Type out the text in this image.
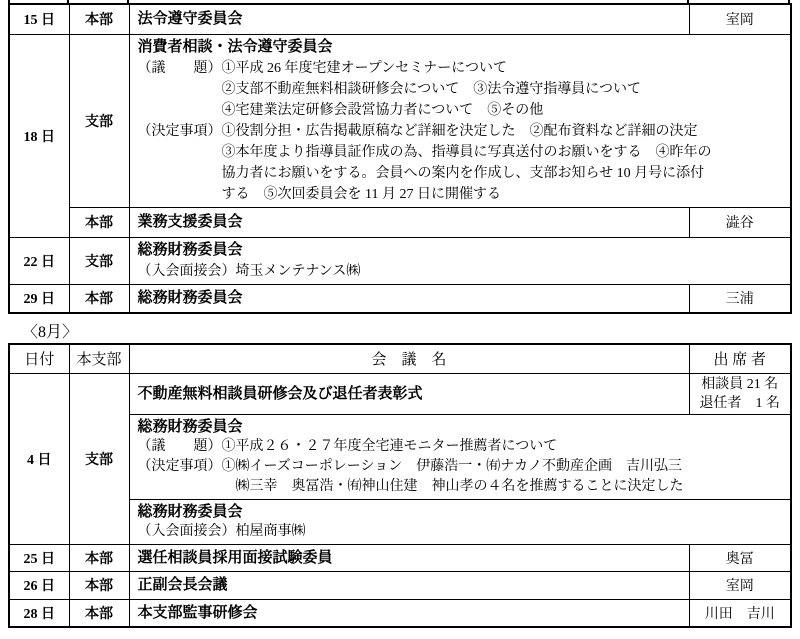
15 日	本部	法令遵守委員会	室岡
18 日	支部	
消費者相談・法令遵守委員会
（議　　題）①平成 26 年度宅建オープンセミナーについて
②支部不動産無料相談研修会について　③法令遵守指導員について
④宅建業法定研修会設営協力者について　⑤その他
（決定事項）①役割分担・広告掲載原稿など詳細を決定した　②配布資料など詳細の決定
③本年度より指導員証作成の為、指導員に写真送付のお願いをする　④昨年の
協力者にお願いをする。会員への案内を作成し、支部お知らせ 10 月号に添付
する　⑤次回委員会を 11 月 27 日に開催する

	本部	業務支援委員会	澁谷
22 日	支部	総務財務委員会
（入会面接会）埼玉メンテナンス㈱	

29 日	本部	総務財務委員会	三浦
〈8月〉
日付	本支部	会　議　名	出 席 者
4 日	支部	不動産無料相談員研修会及び退任者表彰式	相談員 21 名
退任者　1 名

		総務財務委員会
（議　　題）①平成２６・２７年度全宅連モニター推薦者について
（決定事項）①㈱イーズコーポレーション　伊藤浩一・㈲ナカノ不動産企画　吉川弘三
㈱三幸　奥冨浩・㈲神山住建　神山孝の４名を推薦することに決定した	

		総務財務委員会
（入会面接会）柏屋商事㈱	

25 日	本部	選任相談員採用面接試験委員	奥冨
26 日	本部	正副会長会議	室岡
28 日	本部	本支部監事研修会	川田　吉川
